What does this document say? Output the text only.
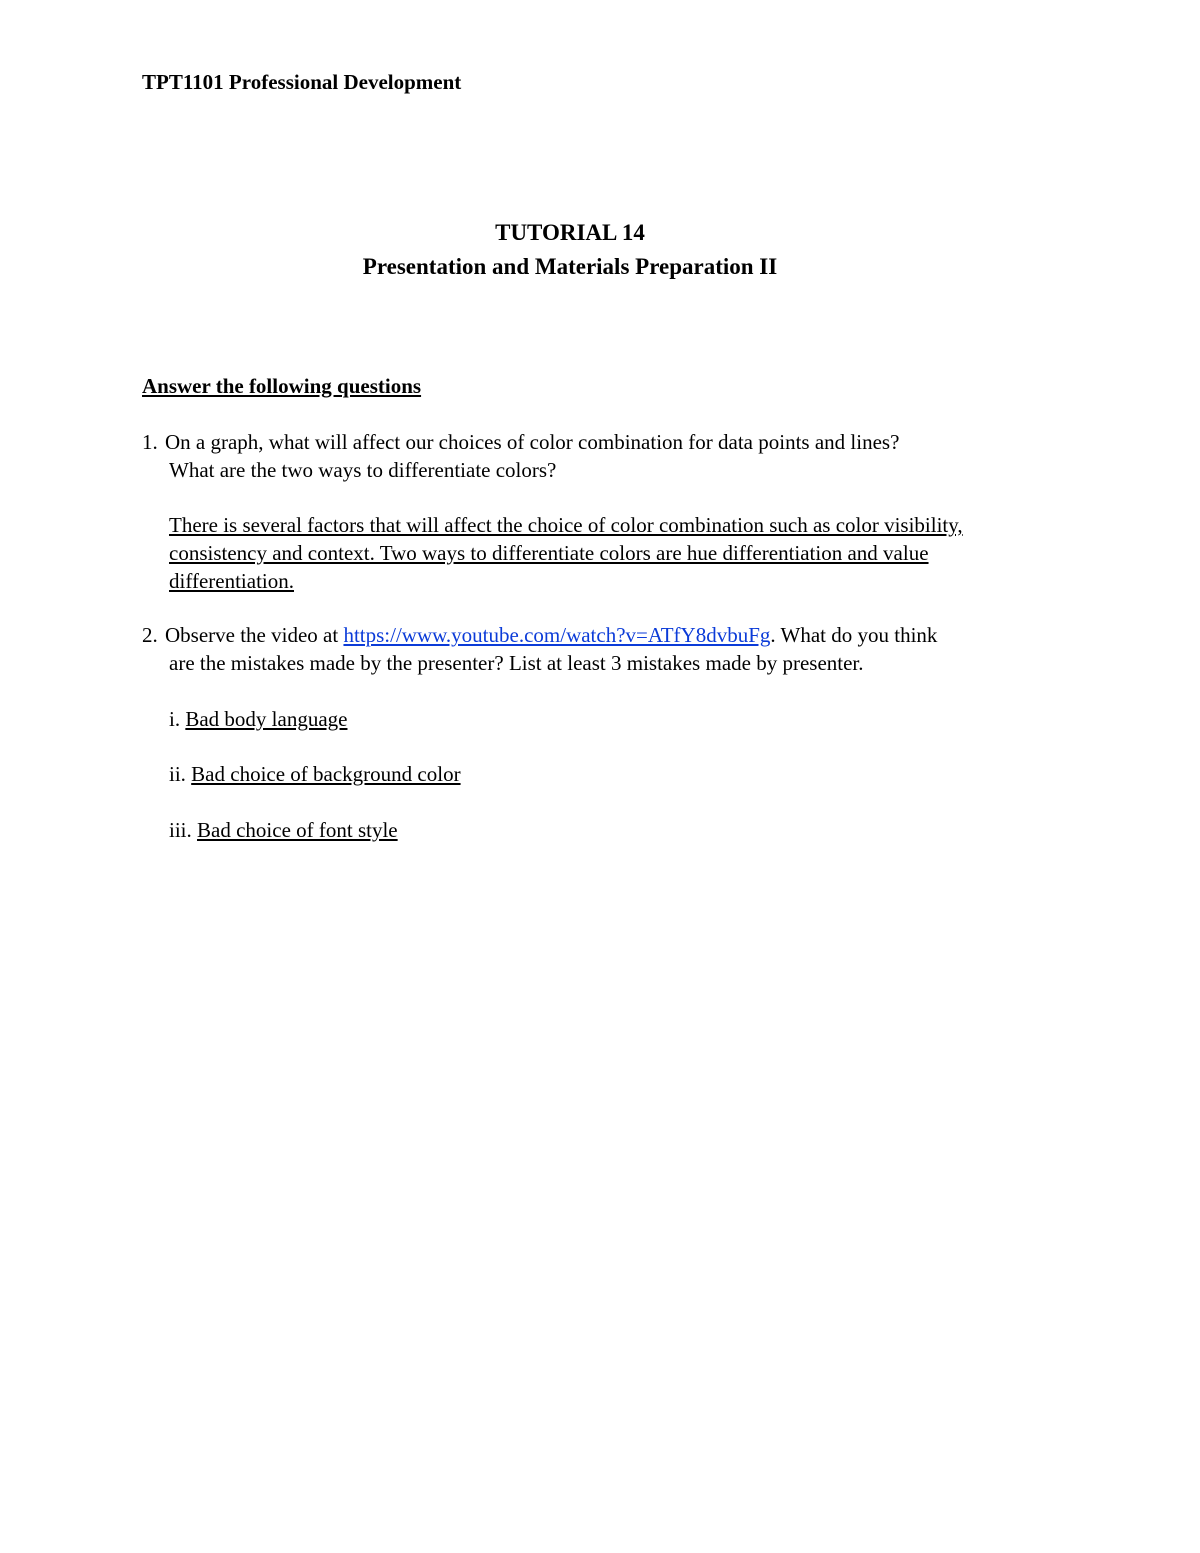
TPT1101 Professional Development
TUTORIAL 14
Presentation and Materials Preparation II
Answer the following questions
1. On a graph, what will affect our choices of color combination for data points and lines?
What are the two ways to differentiate colors?
There is several factors that will affect the choice of color combination such as color visibility,
consistency and context. Two ways to differentiate colors are hue differentiation and value
differentiation.
2. Observe the video at https://www.youtube.com/watch?v=ATfY8dvbuFg. What do you think
are the mistakes made by the presenter? List at least 3 mistakes made by presenter.
i. Bad body language
ii. Bad choice of background color
iii. Bad choice of font style
